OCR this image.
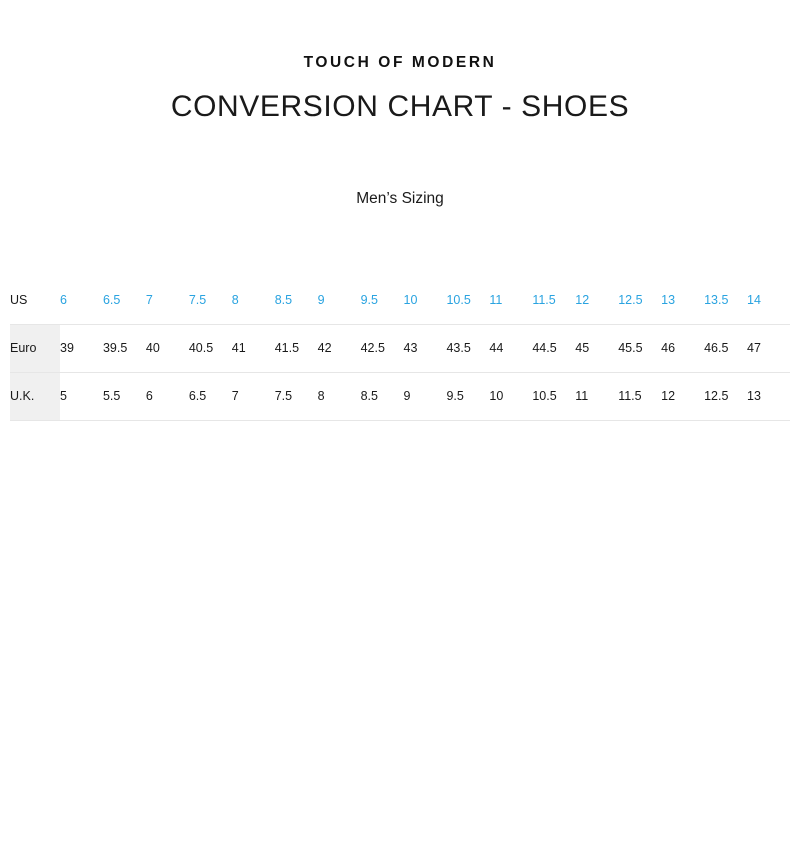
TOUCH OF MODERN
CONVERSION CHART - SHOES
Men’s Sizing
US	6	6.5	7	7.5	8	8.5	9	9.5	10	10.5	11	11.5	12	12.5	13	13.5	14
Euro	39	39.5	40	40.5	41	41.5	42	42.5	43	43.5	44	44.5	45	45.5	46	46.5	47
U.K.	5	5.5	6	6.5	7	7.5	8	8.5	9	9.5	10	10.5	11	11.5	12	12.5	13
